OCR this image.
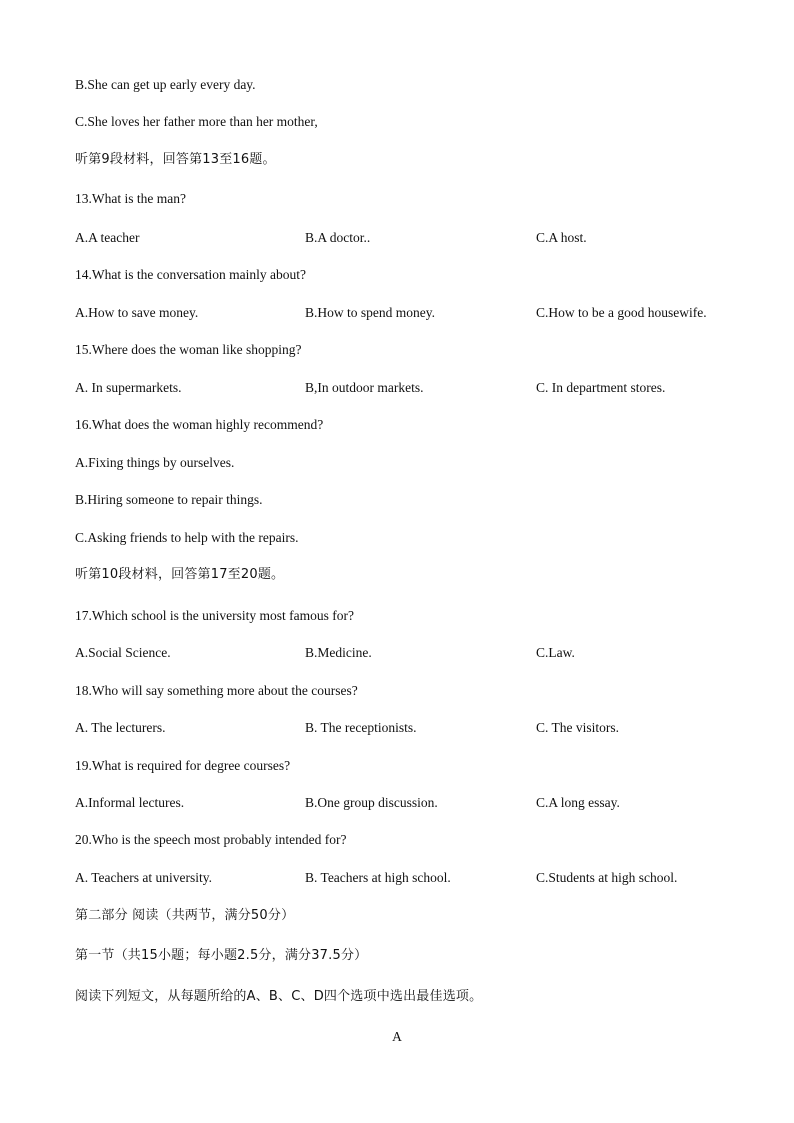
B.She can get up early every day.
C.She loves her father more than her mother,
听第9段材料，回答第13至16题。
13.What is the man?
A.A teacher	B.A doctor..	C.A host.
14.What is the conversation mainly about?
A.How to save money.	B.How to spend money.	C.How to be a good housewife.
15.Where does the woman like shopping?
A. In supermarkets.	B,In outdoor markets.	C. In department stores.
16.What does the woman highly recommend?
A.Fixing things by ourselves.
B.Hiring someone to repair things.
C.Asking friends to help with the repairs.
听第10段材料，回答第17至20题。
17.Which school is the university most famous for?
A.Social Science.	B.Medicine.	C.Law.
18.Who will say something more about the courses?
A. The lecturers.	B. The receptionists.	C. The visitors.
19.What is required for degree courses?
A.Informal lectures.	B.One group discussion.	C.A long essay.
20.Who is the speech most probably intended for?
A. Teachers at university.	B. Teachers at high school.	C.Students at high school.
第二部分 阅读（共两节，满分50分）
第一节（共15小题；每小题2.5分，满分37.5分）
阅读下列短文，从每题所给的A、B、C、D四个选项中选出最佳选项。
A
